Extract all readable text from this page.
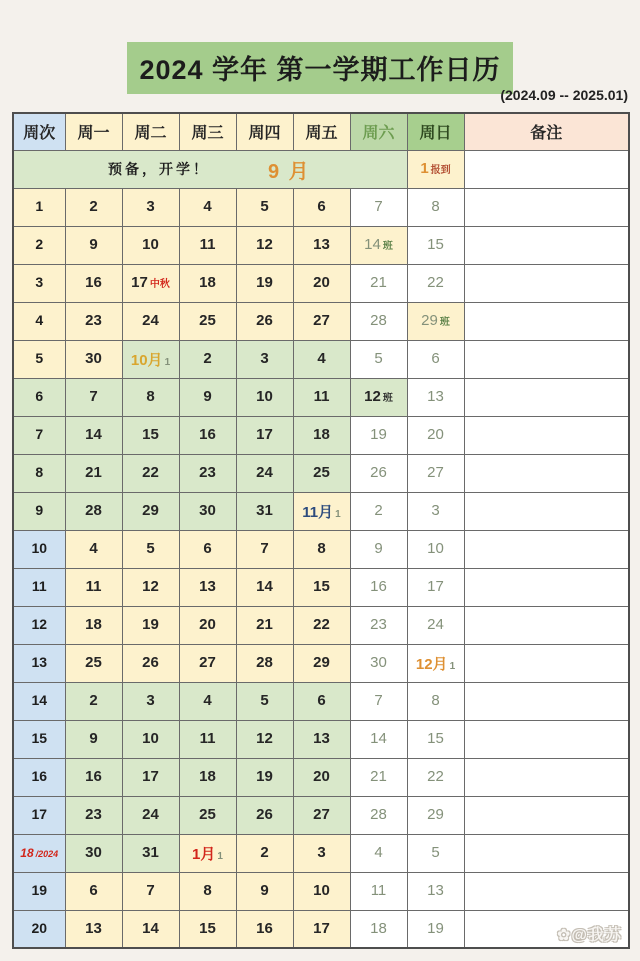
2024 学年 第一学期工作日历
(2024.09 -- 2025.01)
周次	周一	周二	周三	周四	周五	周六	周日	备注

预备，开学！ 9 月							1 报到	
1	2	3	4	5	6	7	8	
2	9	10	11	12	13	14 班	15	
3	16	17 中秋	18	19	20	21	22	
4	23	24	25	26	27	28	29 班	
5	30	10月 1	2	3	4	5	6	
6	7	8	9	10	11	12 班	13	
7	14	15	16	17	18	19	20	
8	21	22	23	24	25	26	27	
9	28	29	30	31	11月 1	2	3	
10	4	5	6	7	8	9	10	
11	11	12	13	14	15	16	17	
12	18	19	20	21	22	23	24	
13	25	26	27	28	29	30	12月 1	
14	2	3	4	5	6	7	8	
15	9	10	11	12	13	14	15	
16	16	17	18	19	20	21	22	
17	23	24	25	26	27	28	29	
18 /2024	30	31	1月 1	2	3	4	5	
19	6	7	8	9	10	11	13	
20	13	14	15	16	17	18	19		✿@我苏
